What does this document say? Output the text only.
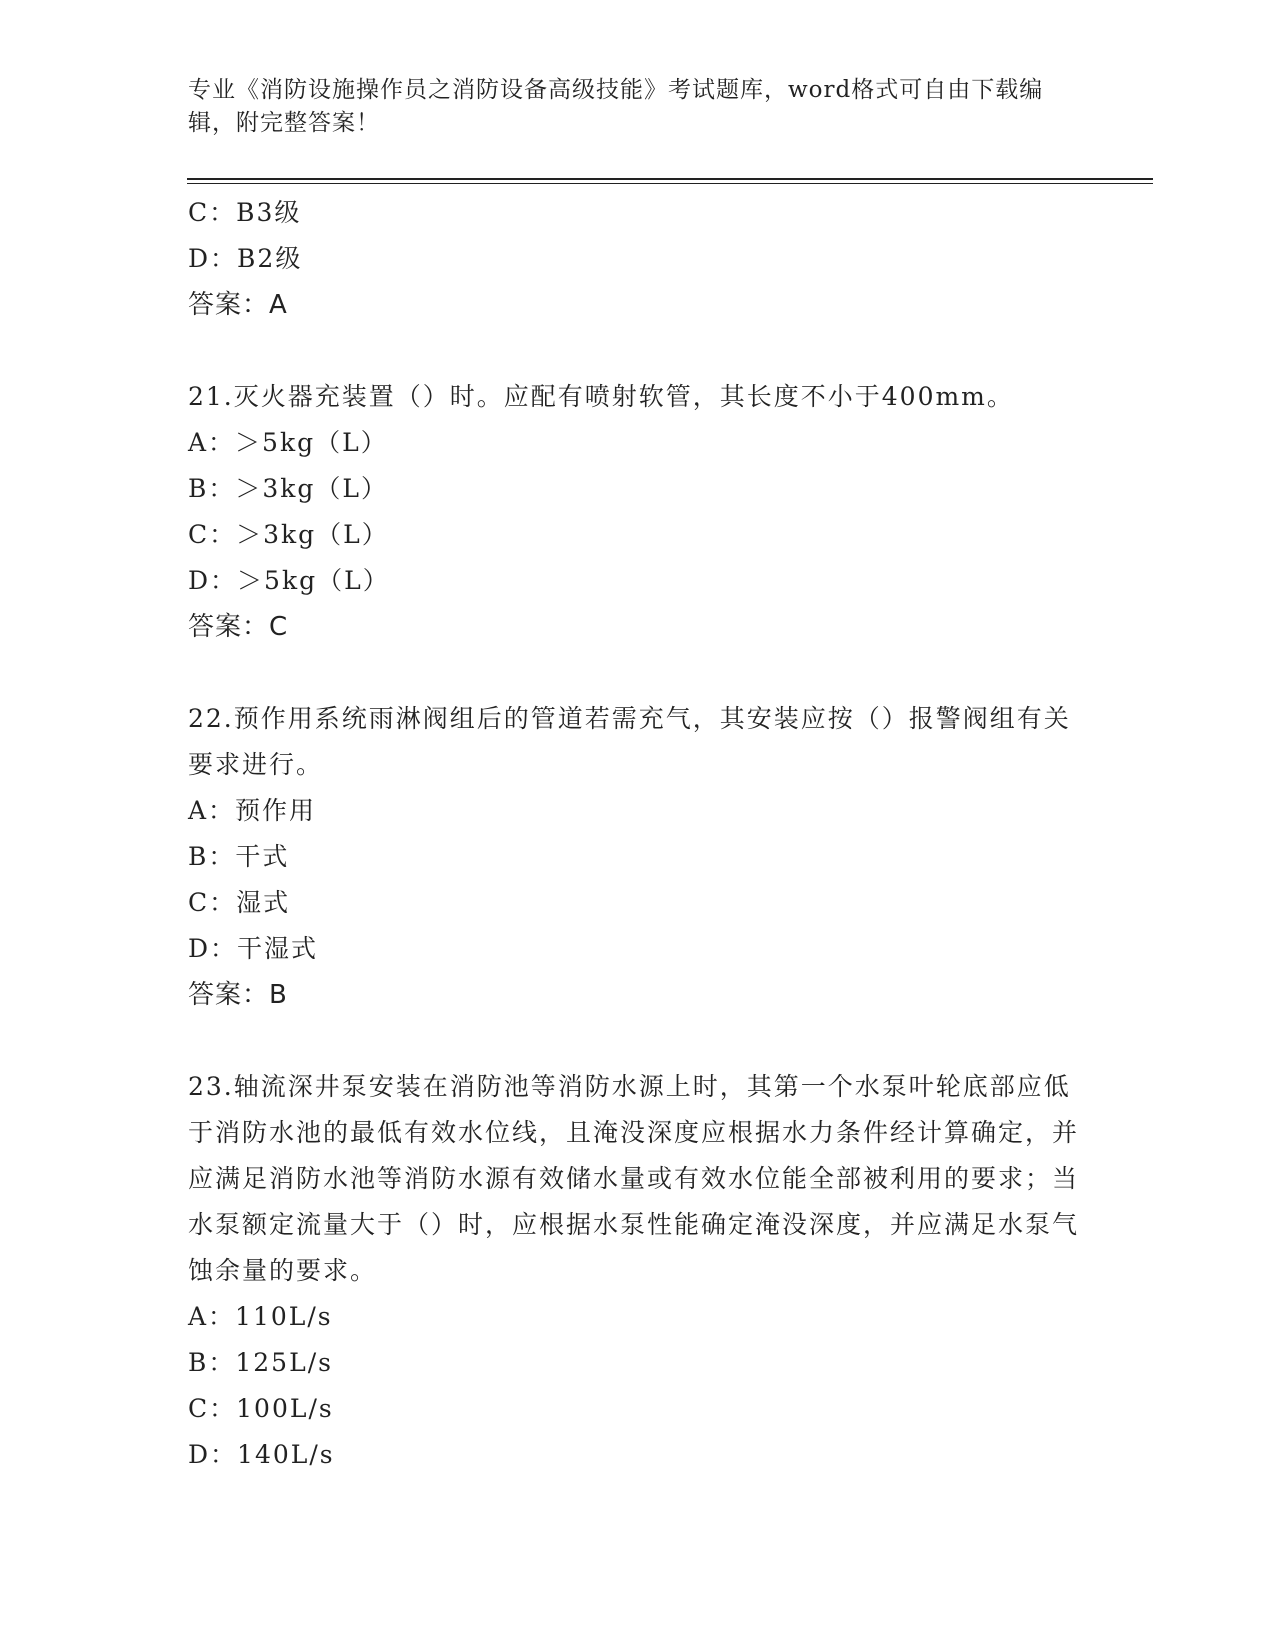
专业《消防设施操作员之消防设备高级技能》考试题库，word格式可自由下载编辑，附完整答案！
C：B3级
D：B2级
答案：A
21.灭火器充装置（）时。应配有喷射软管，其长度不小于400mm。
A：＞5kg（L）
B：＞3kg（L）
C：＞3kg（L）
D：＞5kg（L）
答案：C
22.预作用系统雨淋阀组后的管道若需充气，其安装应按（）报警阀组有关要求进行。
A：预作用
B：干式
C：湿式
D：干湿式
答案：B
23.轴流深井泵安装在消防池等消防水源上时，其第一个水泵叶轮底部应低于消防水池的最低有效水位线，且淹没深度应根据水力条件经计算确定，并应满足消防水池等消防水源有效储水量或有效水位能全部被利用的要求；当水泵额定流量大于（）时，应根据水泵性能确定淹没深度，并应满足水泵气蚀余量的要求。
A：110L/s
B：125L/s
C：100L/s
D：140L/s
